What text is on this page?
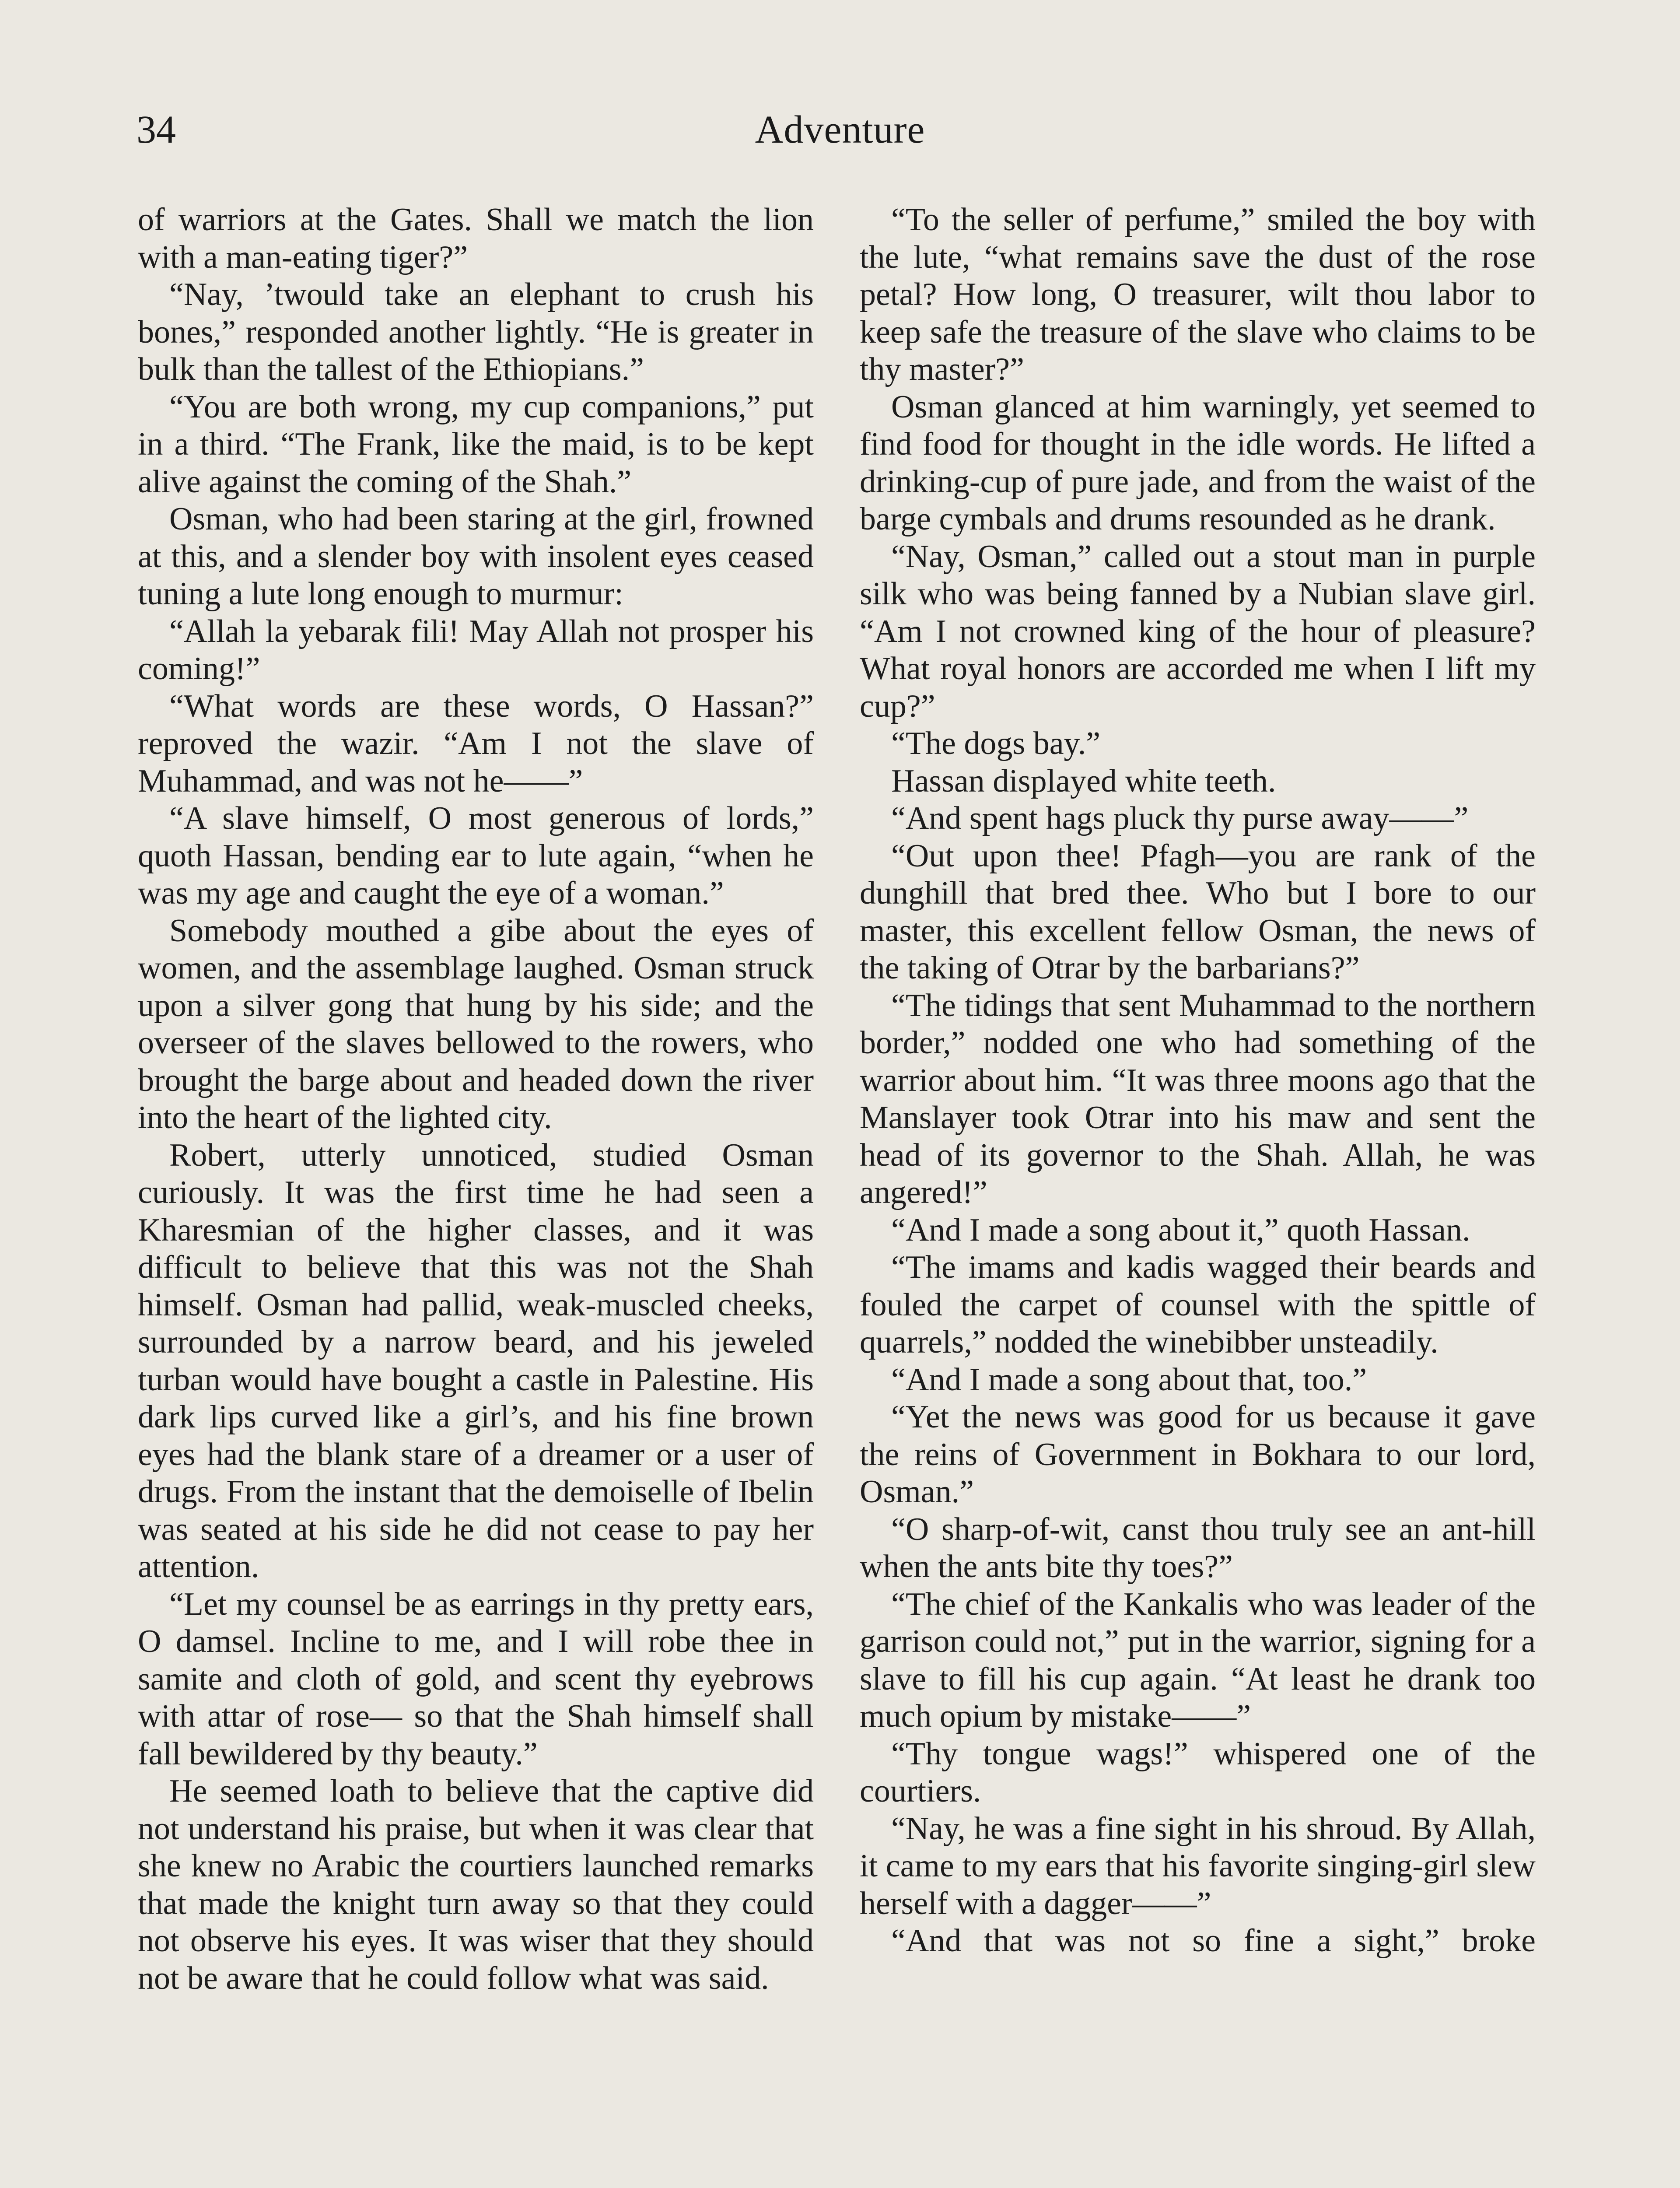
34	Adventure

of warriors at the Gates. Shall we match the lion with a man-eating tiger?”

“Nay, ’twould take an elephant to crush his bones,” responded another lightly. “He is greater in bulk than the tallest of the Ethiopians.”

“You are both wrong, my cup companions,” put in a third. “The Frank, like the maid, is to be kept alive against the coming of the Shah.”

Osman, who had been staring at the girl, frowned at this, and a slender boy with insolent eyes ceased tuning a lute long enough to murmur:

“Allah la yebarak fili! May Allah not prosper his coming!”

“What words are these words, O Hassan?” reproved the wazir. “Am I not the slave of Muhammad, and was not he——”

“A slave himself, O most generous of lords,” quoth Hassan, bending ear to lute again, “when he was my age and caught the eye of a woman.”

Somebody mouthed a gibe about the eyes of women, and the assemblage laughed. Osman struck upon a silver gong that hung by his side; and the overseer of the slaves bellowed to the rowers, who brought the barge about and headed down the river into the heart of the lighted city.

Robert, utterly unnoticed, studied Osman curiously. It was the first time he had seen a Kharesmian of the higher classes, and it was difficult to believe that this was not the Shah himself. Osman had pallid, weak-muscled cheeks, surrounded by a narrow beard, and his jeweled turban would have bought a castle in Palestine. His dark lips curved like a girl’s, and his fine brown eyes had the blank stare of a dreamer or a user of drugs. From the instant that the demoiselle of Ibelin was seated at his side he did not cease to pay her attention.

“Let my counsel be as earrings in thy pretty ears, O damsel. Incline to me, and I will robe thee in samite and cloth of gold, and scent thy eyebrows with attar of rose— so that the Shah himself shall fall bewildered by thy beauty.”

He seemed loath to believe that the captive did not understand his praise, but when it was clear that she knew no Arabic the courtiers launched remarks that made the knight turn away so that they could not observe his eyes. It was wiser that they should not be aware that he could follow what was said.

“To the seller of perfume,” smiled the boy with the lute, “what remains save the dust of the rose petal? How long, O treasurer, wilt thou labor to keep safe the treasure of the slave who claims to be thy master?”

Osman glanced at him warningly, yet seemed to find food for thought in the idle words. He lifted a drinking-cup of pure jade, and from the waist of the barge cymbals and drums resounded as he drank.

“Nay, Osman,” called out a stout man in purple silk who was being fanned by a Nubian slave girl. “Am I not crowned king of the hour of pleasure? What royal honors are accorded me when I lift my cup?”

“The dogs bay.”

Hassan displayed white teeth.

“And spent hags pluck thy purse away——”

“Out upon thee! Pfagh—you are rank of the dunghill that bred thee. Who but I bore to our master, this excellent fellow Osman, the news of the taking of Otrar by the barbarians?”

“The tidings that sent Muhammad to the northern border,” nodded one who had something of the warrior about him. “It was three moons ago that the Manslayer took Otrar into his maw and sent the head of its governor to the Shah. Allah, he was angered!”

“And I made a song about it,” quoth Hassan.

“The imams and kadis wagged their beards and fouled the carpet of counsel with the spittle of quarrels,” nodded the winebibber unsteadily.

“And I made a song about that, too.”

“Yet the news was good for us because it gave the reins of Government in Bokhara to our lord, Osman.”

“O sharp-of-wit, canst thou truly see an ant-hill when the ants bite thy toes?”

“The chief of the Kankalis who was leader of the garrison could not,” put in the warrior, signing for a slave to fill his cup again. “At least he drank too much opium by mistake——”

“Thy tongue wags!” whispered one of the courtiers.

“Nay, he was a fine sight in his shroud. By Allah, it came to my ears that his favorite singing-girl slew herself with a dagger——”

“And that was not so fine a sight,” broke
